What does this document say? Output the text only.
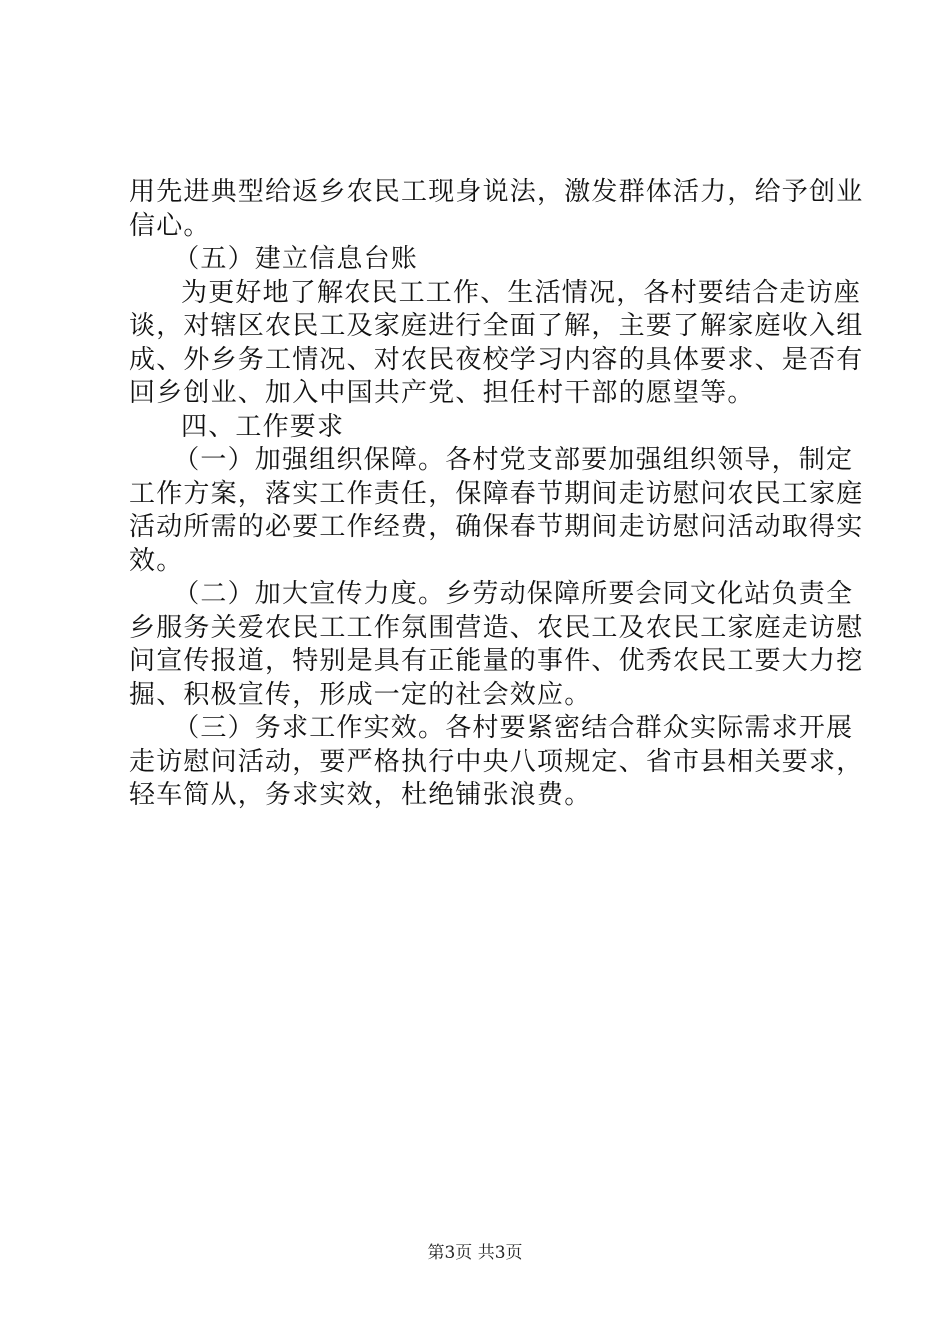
用先进典型给返乡农民工现身说法，激发群体活力，给予创业
信心。
（五）建立信息台账
为更好地了解农民工工作、生活情况，各村要结合走访座
谈，对辖区农民工及家庭进行全面了解，主要了解家庭收入组
成、外乡务工情况、对农民夜校学习内容的具体要求、是否有
回乡创业、加入中国共产党、担任村干部的愿望等。
四、工作要求
（一）加强组织保障。各村党支部要加强组织领导，制定
工作方案，落实工作责任，保障春节期间走访慰问农民工家庭
活动所需的必要工作经费，确保春节期间走访慰问活动取得实
效。
（二）加大宣传力度。乡劳动保障所要会同文化站负责全
乡服务关爱农民工工作氛围营造、农民工及农民工家庭走访慰
问宣传报道，特别是具有正能量的事件、优秀农民工要大力挖
掘、积极宣传，形成一定的社会效应。
（三）务求工作实效。各村要紧密结合群众实际需求开展
走访慰问活动，要严格执行中央八项规定、省市县相关要求，
轻车简从，务求实效，杜绝铺张浪费。
第3页 共3页
